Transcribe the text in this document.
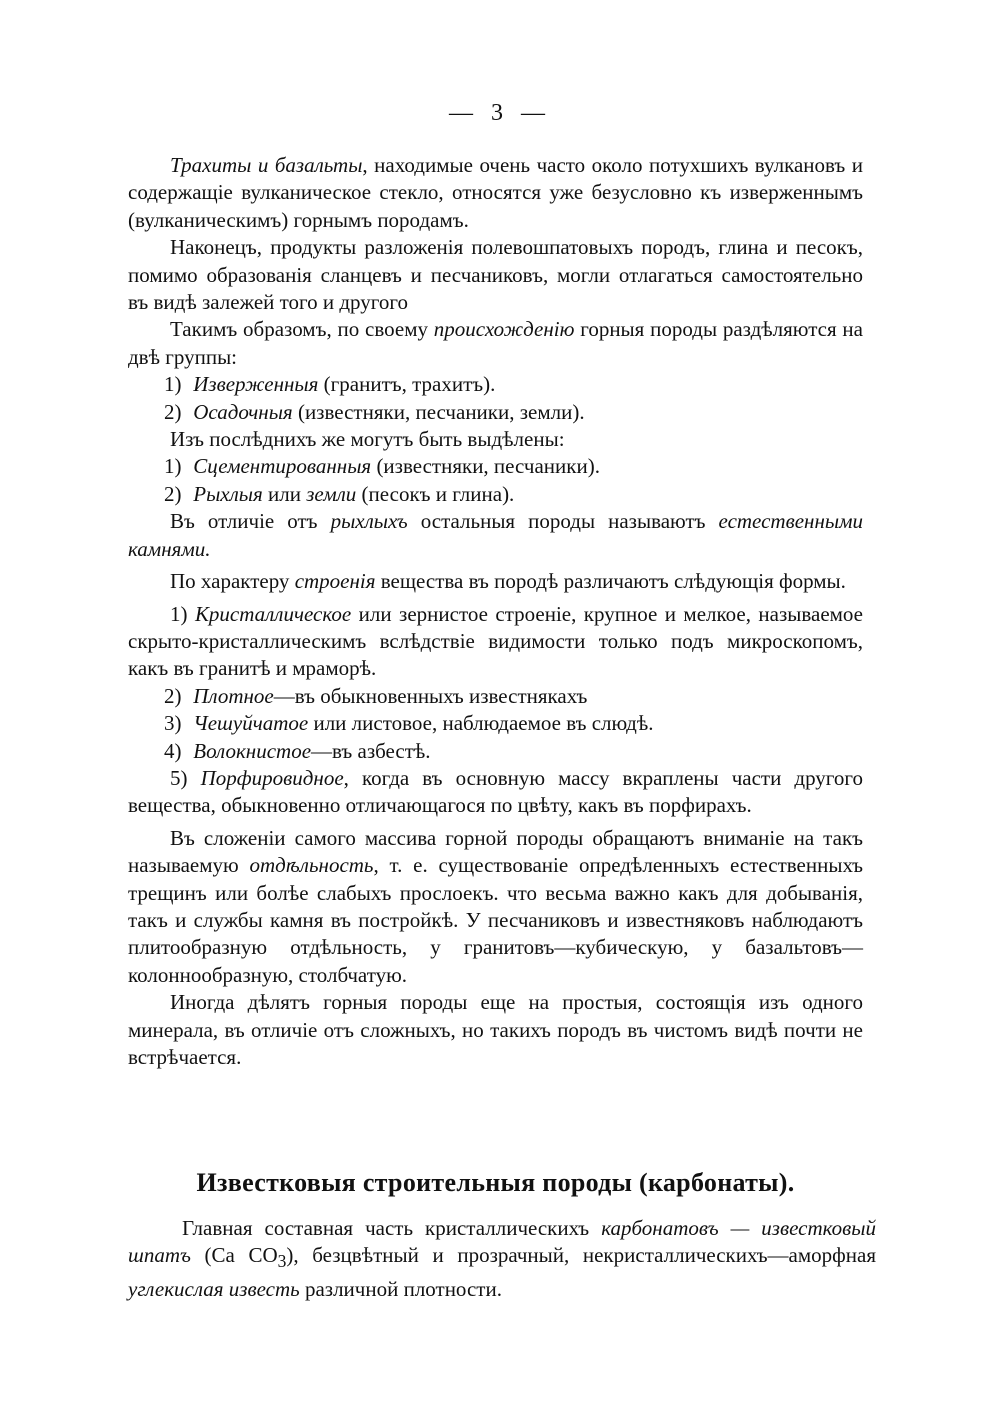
— 3 —

Трахиты и базальты, находимые очень часто около потухшихъ вулкановъ и содержащіе вулканическое стекло, относятся уже безусловно къ изверженнымъ (вулканическимъ) горнымъ породамъ.

Наконецъ, продукты разложенія полевошпатовыхъ породъ, глина и песокъ, помимо образованія сланцевъ и песчаниковъ, могли отлагаться самостоятельно въ видѣ залежей того и другого

Такимъ образомъ, по своему происхожденію горныя породы раздѣляются на двѣ группы:

1) Изверженныя (гранитъ, трахитъ).

2) Осадочныя (известняки, песчаники, земли).

Изъ послѣднихъ же могутъ быть выдѣлены:

1) Сцементированныя (известняки, песчаники).

2) Рыхлыя или земли (песокъ и глина).

Въ отличіе отъ рыхлыхъ остальныя породы называютъ естественными камнями.

По характеру строенія вещества въ породѣ различаютъ слѣдующія формы.

1) Кристаллическое или зернистое строеніе, крупное и мелкое, называемое скрыто-кристаллическимъ вслѣдствіе видимости только подъ микроскопомъ, какъ въ гранитѣ и мраморѣ.

2) Плотное—въ обыкновенныхъ известнякахъ

3) Чешуйчатое или листовое, наблюдаемое въ слюдѣ.

4) Волокнистое—въ азбестѣ.

5) Порфировидное, когда въ основную массу вкраплены части другого вещества, обыкновенно отличающагося по цвѣту, какъ въ порфирахъ.

Въ сложеніи самого массива горной породы обращаютъ вниманіе на такъ называемую отдѣльность, т. е. существованіе опредѣленныхъ естественныхъ трещинъ или болѣе слабыхъ прослоекъ. что весьма важно какъ для добыванія, такъ и службы камня въ постройкѣ. У песчаниковъ и известняковъ наблюдаютъ плитообразную отдѣльность, у гранитовъ—кубическую, у базальтовъ—колоннообразную, столбчатую.

Иногда дѣлятъ горныя породы еще на простыя, состоящія изъ одного минерала, въ отличіе отъ сложныхъ, но такихъ породъ въ чистомъ видѣ почти не встрѣчается.

Известковыя строительныя породы (карбонаты).

Главная составная часть кристаллическихъ карбонатовъ — известковый шпатъ (Ca $CO_3$), безцвѣтный и прозрачный, некристаллическихъ—аморфная углекислая известь различной плотности.
